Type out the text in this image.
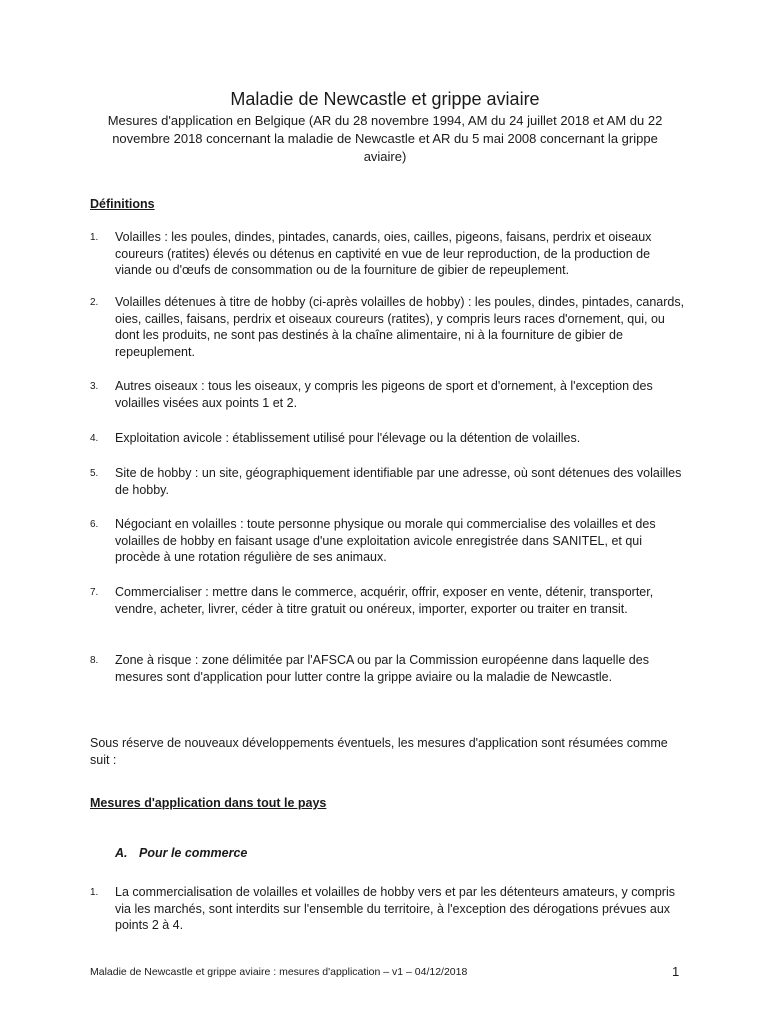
Maladie de Newcastle et grippe aviaire
Mesures d'application en Belgique (AR du 28 novembre 1994, AM du 24 juillet 2018 et AM du 22 novembre 2018 concernant la maladie de Newcastle et AR du 5 mai 2008 concernant la grippe aviaire)
Définitions
1. Volailles : les poules, dindes, pintades, canards, oies, cailles, pigeons, faisans, perdrix et oiseaux coureurs (ratites) élevés ou détenus en captivité en vue de leur reproduction, de la production de viande ou d'œufs de consommation ou de la fourniture de gibier de repeuplement.
2. Volailles détenues à titre de hobby (ci-après volailles de hobby) : les poules, dindes, pintades, canards, oies, cailles, faisans, perdrix et oiseaux coureurs (ratites), y compris leurs races d'ornement, qui, ou dont les produits, ne sont pas destinés à la chaîne alimentaire, ni à la fourniture de gibier de repeuplement.
3. Autres oiseaux : tous les oiseaux, y compris les pigeons de sport et d'ornement, à l'exception des volailles visées aux points 1 et 2.
4. Exploitation avicole : établissement utilisé pour l'élevage ou la détention de volailles.
5. Site de hobby : un site, géographiquement identifiable par une adresse, où sont détenues des volailles de hobby.
6. Négociant en volailles : toute personne physique ou morale qui commercialise des volailles et des volailles de hobby en faisant usage d'une exploitation avicole enregistrée dans SANITEL, et qui procède à une rotation régulière de ses animaux.
7. Commercialiser : mettre dans le commerce, acquérir, offrir, exposer en vente, détenir, transporter, vendre, acheter, livrer, céder à titre gratuit ou onéreux, importer, exporter ou traiter en transit.
8. Zone à risque : zone délimitée par l'AFSCA ou par la Commission européenne dans laquelle des mesures sont d'application pour lutter contre la grippe aviaire ou la maladie de Newcastle.
Sous réserve de nouveaux développements éventuels, les mesures d'application sont résumées comme suit :
Mesures d'application dans tout le pays
A. Pour le commerce
1. La commercialisation de volailles et volailles de hobby vers et par les détenteurs amateurs, y compris via les marchés, sont interdits sur l'ensemble du territoire, à l'exception des dérogations prévues aux points 2 à 4.
Maladie de Newcastle et grippe aviaire : mesures d'application – v1 – 04/12/2018	1
